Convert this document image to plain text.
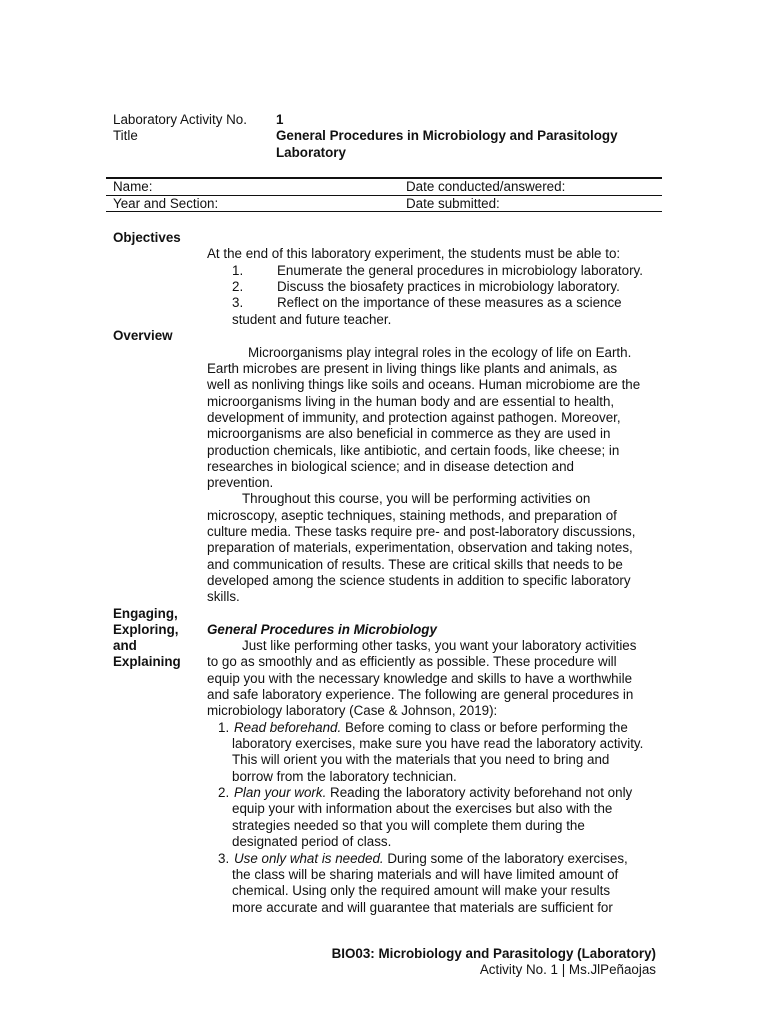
Laboratory Activity No. 1
Title	General Procedures in Microbiology and Parasitology
Laboratory
Name:	Date conducted/answered:
Year and Section:	Date submitted:
Objectives
At the end of this laboratory experiment, the students must be able to:
1.	Enumerate the general procedures in microbiology laboratory.
2.	Discuss the biosafety practices in microbiology laboratory.
3.	Reflect on the importance of these measures as a science
student and future teacher.
Overview
Microorganisms play integral roles in the ecology of life on Earth.
Earth microbes are present in living things like plants and animals, as
well as nonliving things like soils and oceans. Human microbiome are the
microorganisms living in the human body and are essential to health,
development of immunity, and protection against pathogen. Moreover,
microorganisms are also beneficial in commerce as they are used in
production chemicals, like antibiotic, and certain foods, like cheese; in
researches in biological science; and in disease detection and
prevention.
Throughout this course, you will be performing activities on
microscopy, aseptic techniques, staining methods, and preparation of
culture media. These tasks require pre- and post-laboratory discussions,
preparation of materials, experimentation, observation and taking notes,
and communication of results. These are critical skills that needs to be
developed among the science students in addition to specific laboratory
skills.
Engaging,
Exploring,
and
Explaining
General Procedures in Microbiology
Just like performing other tasks, you want your laboratory activities
to go as smoothly and as efficiently as possible. These procedure will
equip you with the necessary knowledge and skills to have a worthwhile
and safe laboratory experience. The following are general procedures in
microbiology laboratory (Case & Johnson, 2019):
1. Read beforehand. Before coming to class or before performing the
laboratory exercises, make sure you have read the laboratory activity.
This will orient you with the materials that you need to bring and
borrow from the laboratory technician.
2. Plan your work. Reading the laboratory activity beforehand not only
equip your with information about the exercises but also with the
strategies needed so that you will complete them during the
designated period of class.
3. Use only what is needed. During some of the laboratory exercises,
the class will be sharing materials and will have limited amount of
chemical. Using only the required amount will make your results
more accurate and will guarantee that materials are sufficient for
BIO03: Microbiology and Parasitology (Laboratory)
Activity No. 1 | Ms.JlPeñaojas
